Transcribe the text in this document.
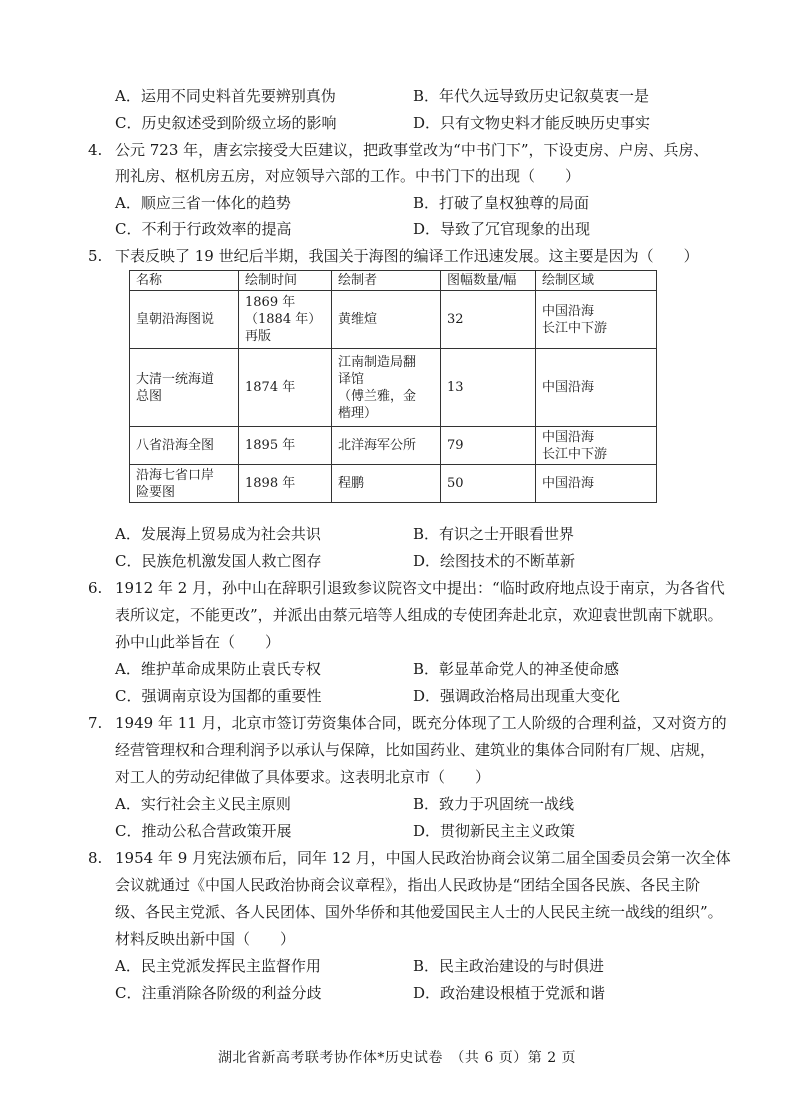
A．运用不同史料首先要辨别真伪	B．年代久远导致历史记叙莫衷一是
C．历史叙述受到阶级立场的影响	D．只有文物史料才能反映历史事实
4. 公元 723 年，唐玄宗接受大臣建议，把政事堂改为“中书门下”，下设吏房、户房、兵房、
刑礼房、枢机房五房，对应领导六部的工作。中书门下的出现（　　）
A．顺应三省一体化的趋势	B．打破了皇权独尊的局面
C．不利于行政效率的提高	D．导致了冗官现象的出现
5. 下表反映了 19 世纪后半期，我国关于海图的编译工作迅速发展。这主要是因为（　　）
名称	绘制时间	绘制者	图幅数量/幅	绘制区域
皇朝沿海图说	1869 年
（1884 年）
再版	黄维煊	32	中国沿海
长江中下游
大清一统海道
总图	1874 年	江南制造局翻
译馆
（傅兰雅，金
楷理）	13	中国沿海
八省沿海全图	1895 年	北洋海军公所	79	中国沿海
长江中下游
沿海七省口岸
险要图	1898 年	程鹏	50	中国沿海
A．发展海上贸易成为社会共识	B．有识之士开眼看世界
C．民族危机激发国人救亡图存	D．绘图技术的不断革新
6. 1912 年 2 月，孙中山在辞职引退致参议院咨文中提出：“临时政府地点设于南京，为各省代
表所议定，不能更改”，并派出由蔡元培等人组成的专使团奔赴北京，欢迎袁世凯南下就职。
孙中山此举旨在（　　）
A．维护革命成果防止袁氏专权	B．彰显革命党人的神圣使命感
C．强调南京设为国都的重要性	D．强调政治格局出现重大变化
7. 1949 年 11 月，北京市签订劳资集体合同，既充分体现了工人阶级的合理利益，又对资方的
经营管理权和合理利润予以承认与保障，比如国药业、建筑业的集体合同附有厂规、店规，
对工人的劳动纪律做了具体要求。这表明北京市（　　）
A．实行社会主义民主原则	B．致力于巩固统一战线
C．推动公私合营政策开展	D．贯彻新民主主义政策
8. 1954 年 9 月宪法颁布后，同年 12 月，中国人民政治协商会议第二届全国委员会第一次全体
会议就通过《中国人民政治协商会议章程》，指出人民政协是“团结全国各民族、各民主阶
级、各民主党派、各人民团体、国外华侨和其他爱国民主人士的人民民主统一战线的组织”。
材料反映出新中国（　　）
A．民主党派发挥民主监督作用	B．民主政治建设的与时俱进
C．注重消除各阶级的利益分歧	D．政治建设根植于党派和谐
湖北省新高考联考协作体*历史试卷　（共 6 页）第 2 页
